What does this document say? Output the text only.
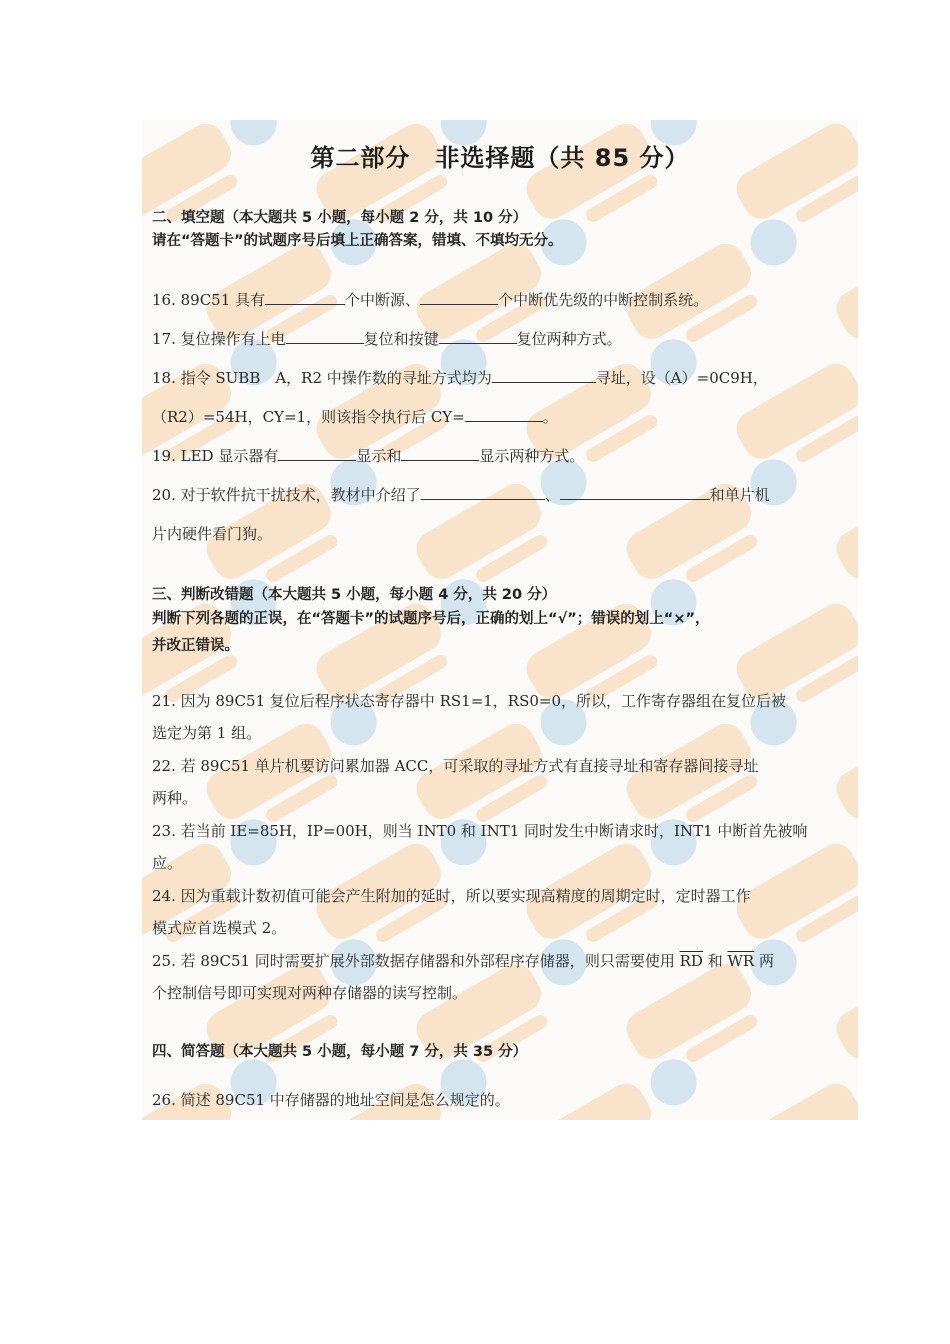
第二部分　非选择题（共 85 分）
二、填空题（本大题共 5 小题，每小题 2 分，共 10 分）
请在“答题卡”的试题序号后填上正确答案，错填、不填均无分。
16. 89C51 具有	个中断源、	个中断优先级的中断控制系统。
17. 复位操作有上电	复位和按键	复位两种方式。
18. 指令 SUBB　A，R2 中操作数的寻址方式均为	寻址，设（A）=0C9H，
（R2）=54H，CY=1，则该指令执行后 CY=	。
19. LED 显示器有	显示和	显示两种方式。
20. 对于软件抗干扰技术，教材中介绍了	、	和单片机
片内硬件看门狗。
三、判断改错题（本大题共 5 小题，每小题 4 分，共 20 分）
判断下列各题的正误，在“答题卡”的试题序号后，正确的划上“√”；错误的划上“×”，
并改正错误。
21. 因为 89C51 复位后程序状态寄存器中 RS1=1，RS0=0，所以，工作寄存器组在复位后被
选定为第 1 组。
22. 若 89C51 单片机要访问累加器 ACC，可采取的寻址方式有直接寻址和寄存器间接寻址
两种。
23. 若当前 IE=85H，IP=00H，则当 INT0 和 INT1 同时发生中断请求时，INT1 中断首先被响
应。
24. 因为重载计数初值可能会产生附加的延时，所以要实现高精度的周期定时，定时器工作
模式应首选模式 2。
25. 若 89C51 同时需要扩展外部数据存储器和外部程序存储器，则只需要使用 $\overline{RD}$ 和 $\overline{WR}$ 两
个控制信号即可实现对两种存储器的读写控制。
四、简答题（本大题共 5 小题，每小题 7 分，共 35 分）
26. 简述 89C51 中存储器的地址空间是怎么规定的。
